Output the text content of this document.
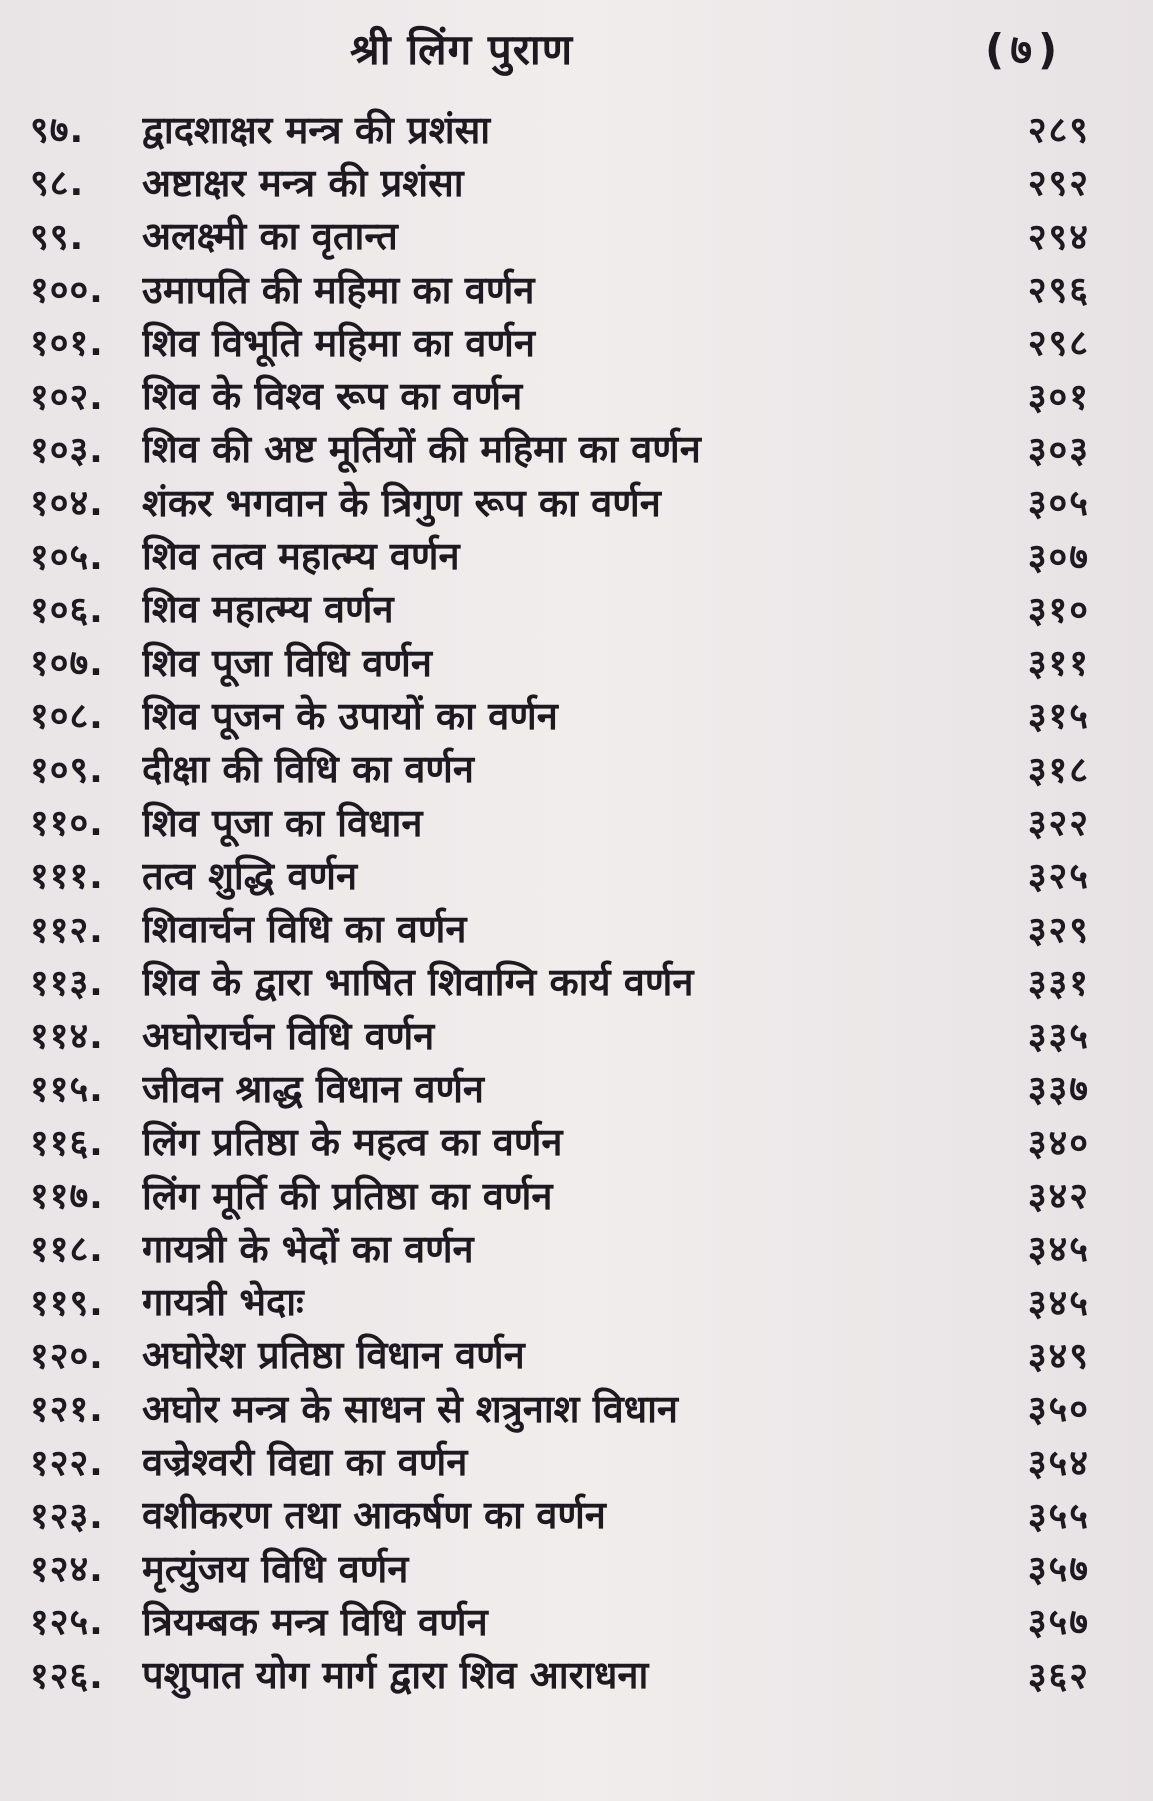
श्री लिंग पुराण	(७)
९७.	द्वादशाक्षर मन्त्र की प्रशंसा	२८९
९८.	अष्टाक्षर मन्त्र की प्रशंसा	२९२
९९.	अलक्ष्मी का वृतान्त	२९४
१००.	उमापति की महिमा का वर्णन	२९६
१०१.	शिव विभूति महिमा का वर्णन	२९८
१०२.	शिव के विश्व रूप का वर्णन	३०१
१०३.	शिव की अष्ट मूर्तियों की महिमा का वर्णन	३०३
१०४.	शंकर भगवान के त्रिगुण रूप का वर्णन	३०५
१०५.	शिव तत्व महात्म्य वर्णन	३०७
१०६.	शिव महात्म्य वर्णन	३१०
१०७.	शिव पूजा विधि वर्णन	३११
१०८.	शिव पूजन के उपायों का वर्णन	३१५
१०९.	दीक्षा की विधि का वर्णन	३१८
११०.	शिव पूजा का विधान	३२२
१११.	तत्व शुद्धि वर्णन	३२५
११२.	शिवार्चन विधि का वर्णन	३२९
११३.	शिव के द्वारा भाषित शिवाग्नि कार्य वर्णन	३३१
११४.	अघोरार्चन विधि वर्णन	३३५
११५.	जीवन श्राद्ध विधान वर्णन	३३७
११६.	लिंग प्रतिष्ठा के महत्व का वर्णन	३४०
११७.	लिंग मूर्ति की प्रतिष्ठा का वर्णन	३४२
११८.	गायत्री के भेदों का वर्णन	३४५
११९.	गायत्री भेदाः	३४५
१२०.	अघोरेश प्रतिष्ठा विधान वर्णन	३४९
१२१.	अघोर मन्त्र के साधन से शत्रुनाश विधान	३५०
१२२.	वज्रेश्वरी विद्या का वर्णन	३५४
१२३.	वशीकरण तथा आकर्षण का वर्णन	३५५
१२४.	मृत्युंजय विधि वर्णन	३५७
१२५.	त्रियम्बक मन्त्र विधि वर्णन	३५७
१२६.	पशुपात योग मार्ग द्वारा शिव आराधना	३६२
